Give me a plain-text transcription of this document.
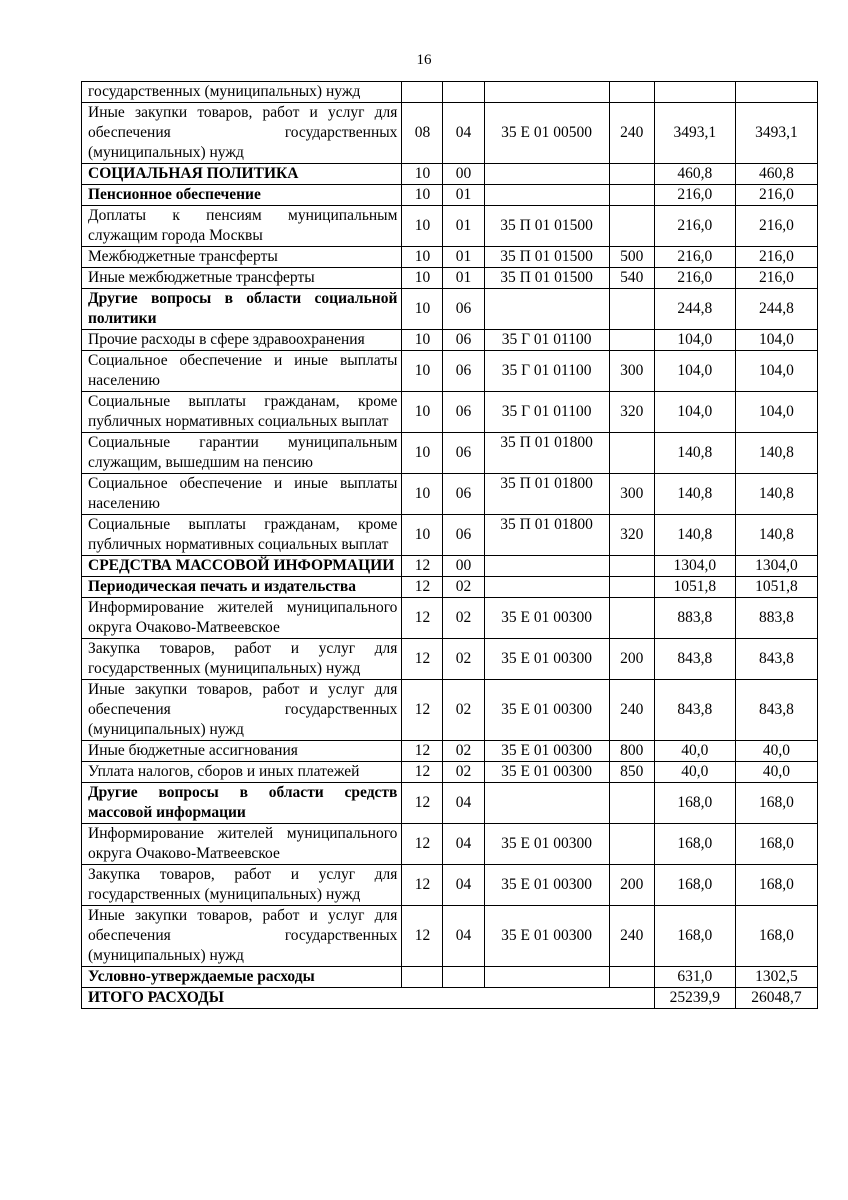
16
государственных (муниципальных) нужд						
Иные закупки товаров, работ и услуг для обеспечения государственных (муниципальных) нужд	08	04	35 Е 01 00500	240	3493,1	3493,1
СОЦИАЛЬНАЯ ПОЛИТИКА	10	00			460,8	460,8
Пенсионное обеспечение	10	01			216,0	216,0
Доплаты к пенсиям муниципальным служащим города Москвы	10	01	35 П 01 01500		216,0	216,0
Межбюджетные трансферты	10	01	35 П 01 01500	500	216,0	216,0
Иные межбюджетные трансферты	10	01	35 П 01 01500	540	216,0	216,0
Другие вопросы в области социальной политики	10	06			244,8	244,8
Прочие расходы в сфере здравоохранения	10	06	35 Г 01 01100		104,0	104,0
Социальное обеспечение и иные выплаты населению	10	06	35 Г 01 01100	300	104,0	104,0
Социальные выплаты гражданам, кроме публичных нормативных социальных выплат	10	06	35 Г 01 01100	320	104,0	104,0
Социальные гарантии муниципальным служащим, вышедшим на пенсию	10	06	35 П 01 01800		140,8	140,8
Социальное обеспечение и иные выплаты населению	10	06	35 П 01 01800	300	140,8	140,8
Социальные выплаты гражданам, кроме публичных нормативных социальных выплат	10	06	35 П 01 01800	320	140,8	140,8
СРЕДСТВА МАССОВОЙ ИНФОРМАЦИИ	12	00			1304,0	1304,0
Периодическая печать и издательства	12	02			1051,8	1051,8
Информирование жителей муниципального округа Очаково-Матвеевское	12	02	35 Е 01 00300		883,8	883,8
Закупка товаров, работ и услуг для государственных (муниципальных) нужд	12	02	35 Е 01 00300	200	843,8	843,8
Иные закупки товаров, работ и услуг для обеспечения государственных (муниципальных) нужд	12	02	35 Е 01 00300	240	843,8	843,8
Иные бюджетные ассигнования	12	02	35 Е 01 00300	800	40,0	40,0
Уплата налогов, сборов и иных платежей	12	02	35 Е 01 00300	850	40,0	40,0
Другие вопросы в области средств массовой информации	12	04			168,0	168,0
Информирование жителей муниципального округа Очаково-Матвеевское	12	04	35 Е 01 00300		168,0	168,0
Закупка товаров, работ и услуг для государственных (муниципальных) нужд	12	04	35 Е 01 00300	200	168,0	168,0
Иные закупки товаров, работ и услуг для обеспечения государственных (муниципальных) нужд	12	04	35 Е 01 00300	240	168,0	168,0
Условно-утверждаемые расходы					631,0	1302,5
ИТОГО РАСХОДЫ					25239,9	26048,7
